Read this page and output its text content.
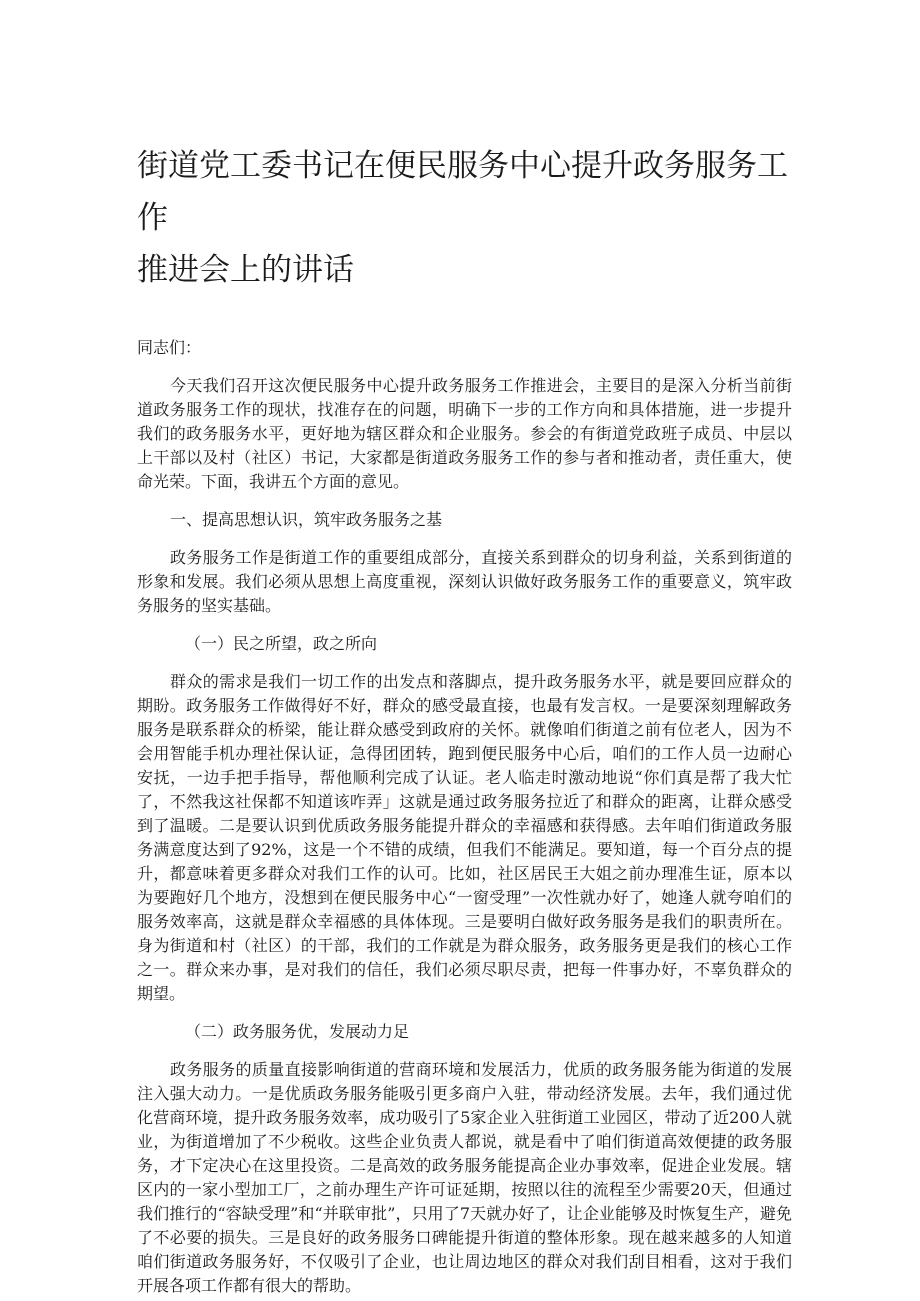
街道党工委书记在便民服务中心提升政务服务工作
推进会上的讲话

同志们：

今天我们召开这次便民服务中心提升政务服务工作推进会，主要目的是深入分析当前街道政务服务工作的现状，找准存在的问题，明确下一步的工作方向和具体措施，进一步提升我们的政务服务水平，更好地为辖区群众和企业服务。参会的有街道党政班子成员、中层以上干部以及村（社区）书记，大家都是街道政务服务工作的参与者和推动者，责任重大，使命光荣。下面，我讲五个方面的意见。

一、提高思想认识，筑牢政务服务之基

政务服务工作是街道工作的重要组成部分，直接关系到群众的切身利益，关系到街道的形象和发展。我们必须从思想上高度重视，深刻认识做好政务服务工作的重要意义，筑牢政务服务的坚实基础。

（一）民之所望，政之所向

群众的需求是我们一切工作的出发点和落脚点，提升政务服务水平，就是要回应群众的期盼。政务服务工作做得好不好，群众的感受最直接，也最有发言权。一是要深刻理解政务服务是联系群众的桥梁，能让群众感受到政府的关怀。就像咱们街道之前有位老人，因为不会用智能手机办理社保认证，急得团团转，跑到便民服务中心后，咱们的工作人员一边耐心安抚，一边手把手指导，帮他顺利完成了认证。老人临走时激动地说“你们真是帮了我大忙了，不然我这社保都不知道该咋弄」这就是通过政务服务拉近了和群众的距离，让群众感受到了温暖。二是要认识到优质政务服务能提升群众的幸福感和获得感。去年咱们街道政务服务满意度达到了92%，这是一个不错的成绩，但我们不能满足。要知道，每一个百分点的提升，都意味着更多群众对我们工作的认可。比如，社区居民王大姐之前办理准生证，原本以为要跑好几个地方，没想到在便民服务中心“一窗受理”一次性就办好了，她逢人就夸咱们的服务效率高，这就是群众幸福感的具体体现。三是要明白做好政务服务是我们的职责所在。身为街道和村（社区）的干部，我们的工作就是为群众服务，政务服务更是我们的核心工作之一。群众来办事，是对我们的信任，我们必须尽职尽责，把每一件事办好，不辜负群众的期望。

（二）政务服务优，发展动力足

政务服务的质量直接影响街道的营商环境和发展活力，优质的政务服务能为街道的发展注入强大动力。一是优质政务服务能吸引更多商户入驻，带动经济发展。去年，我们通过优化营商环境，提升政务服务效率，成功吸引了5家企业入驻街道工业园区，带动了近200人就业，为街道增加了不少税收。这些企业负责人都说，就是看中了咱们街道高效便捷的政务服务，才下定决心在这里投资。二是高效的政务服务能提高企业办事效率，促进企业发展。辖区内的一家小型加工厂，之前办理生产许可证延期，按照以往的流程至少需要20天，但通过我们推行的“容缺受理”和“并联审批”，只用了7天就办好了，让企业能够及时恢复生产，避免了不必要的损失。三是良好的政务服务口碑能提升街道的整体形象。现在越来越多的人知道咱们街道政务服务好，不仅吸引了企业，也让周边地区的群众对我们刮目相看，这对于我们开展各项工作都有很大的帮助。
